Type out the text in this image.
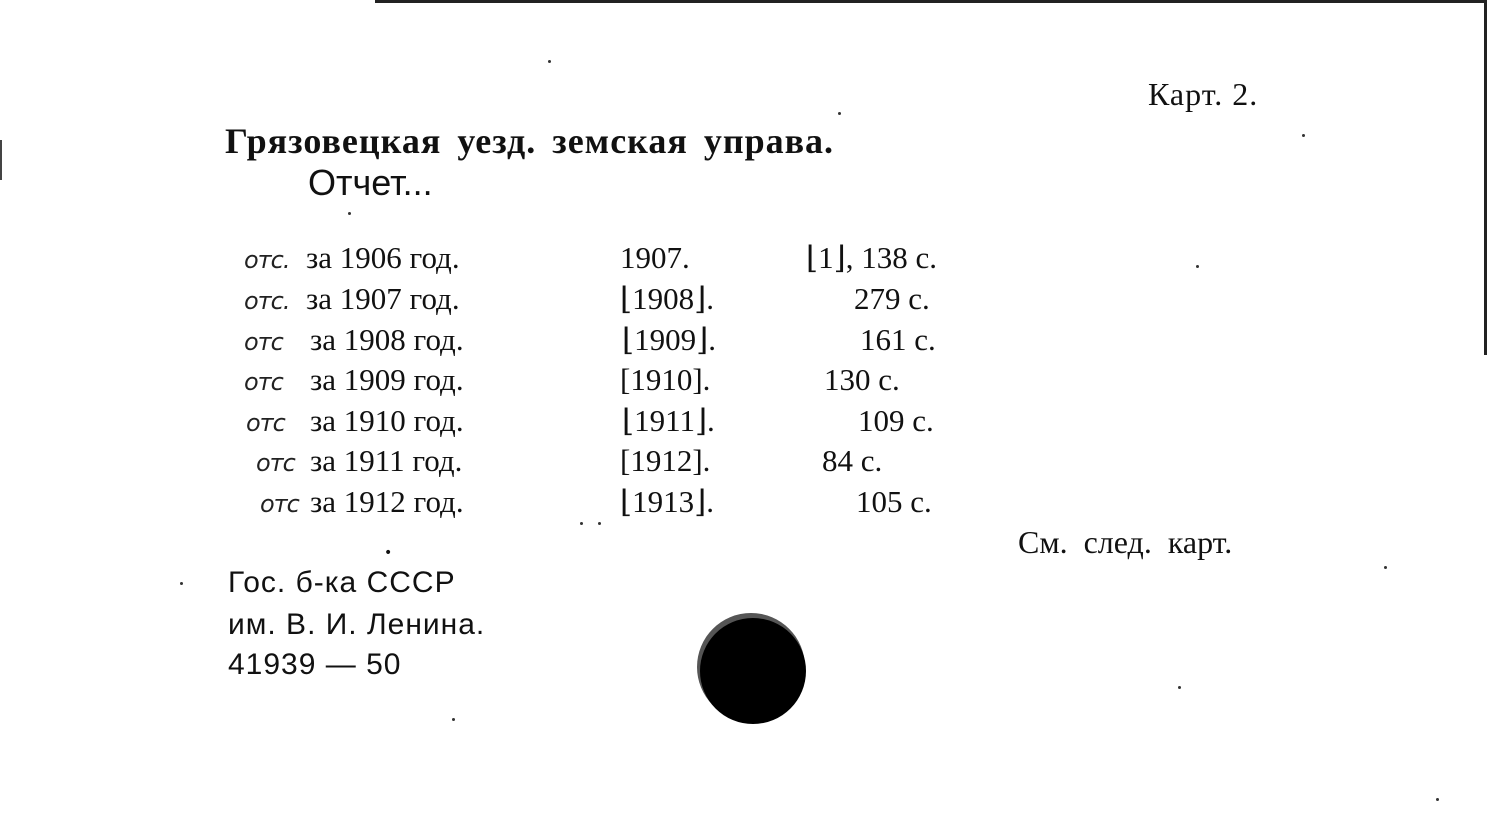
Карт. 2.
Грязовецкая уезд. земская управа.
Отчет...
отс. за 1906 год.	1907.	⌊1⌋, 138 с.
отс. за 1907 год.	⌊1908⌋.	279 с.
отс за 1908 год.	⌊1909⌋.	161 с.
отс за 1909 год.	[1910].	130 с.
отс за 1910 год.	⌊1911⌋.	109 с.
отс за 1911 год.	[1912].	84 с.
отс за 1912 год.	⌊1913⌋.	105 с.
•	См. след. карт.
Гос. б-ка СССР
им. В. И. Ленина.
41939 — 50
